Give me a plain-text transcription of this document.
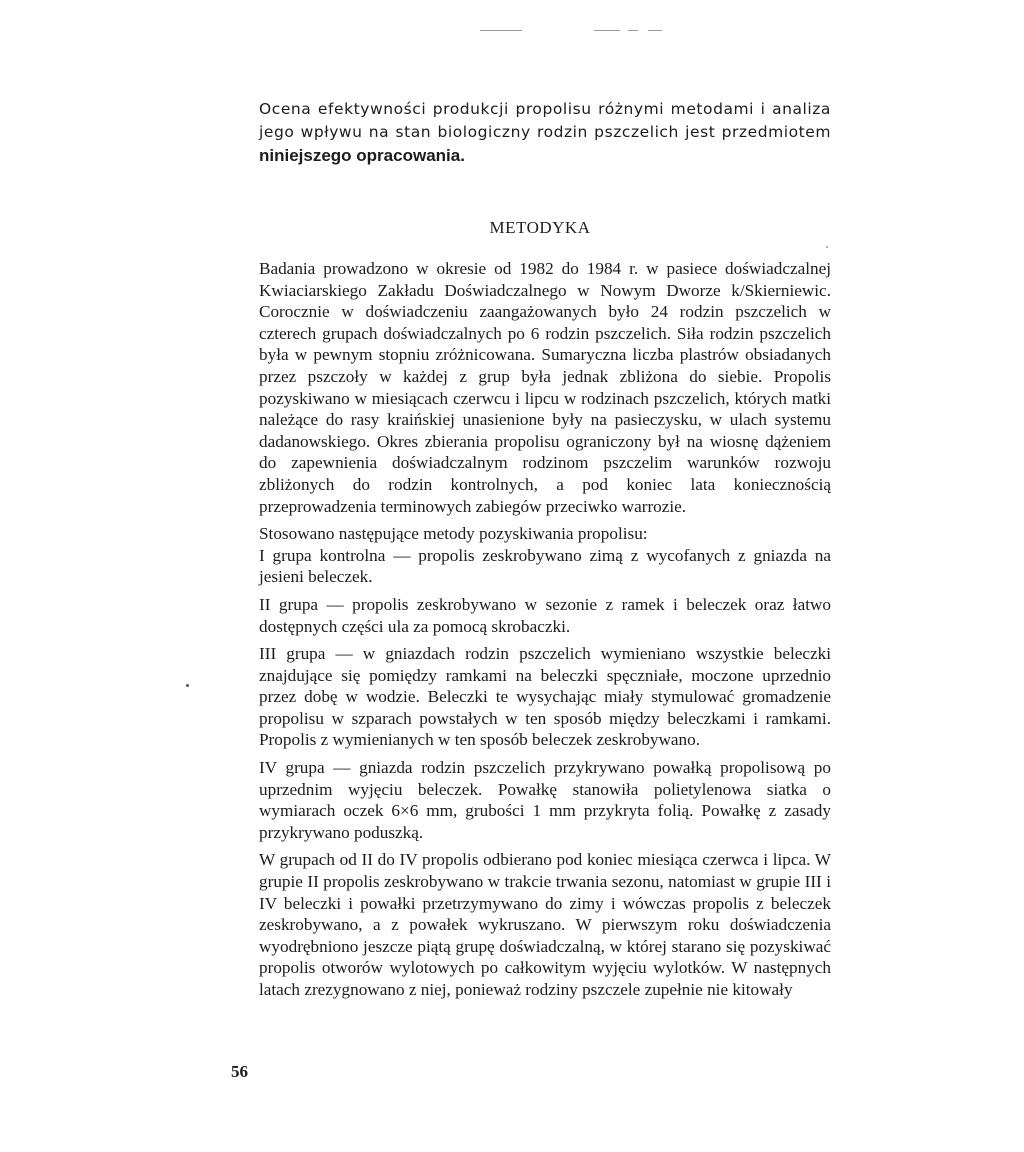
Ocena efektywności produkcji propolisu różnymi metodami i analiza jego wpływu na stan biologiczny rodzin pszczelich jest przedmiotem niniejszego opracowania.

METODYKA

Badania prowadzono w okresie od 1982 do 1984 r. w pasiece doświadczalnej Kwiaciarskiego Zakładu Doświadczalnego w Nowym Dworze k/Skierniewic. Corocznie w doświadczeniu zaangażowanych było 24 rodzin pszczelich w czterech grupach doświadczalnych po 6 rodzin pszczelich. Siła rodzin pszczelich była w pewnym stopniu zróżnicowana. Sumaryczna liczba plastrów obsiadanych przez pszczoły w każdej z grup była jednak zbliżona do siebie. Propolis pozyskiwano w miesiącach czerwcu i lipcu w rodzinach pszczelich, których matki należące do rasy kraińskiej unasienione były na pasieczysku, w ulach systemu dadanowskiego. Okres zbierania propolisu ograniczony był na wiosnę dążeniem do zapewnienia doświadczalnym rodzinom pszczelim warunków rozwoju zbliżonych do rodzin kontrolnych, a pod koniec lata koniecznością przeprowadzenia terminowych zabiegów przeciwko warrozie.

Stosowano następujące metody pozyskiwania propolisu:

I grupa kontrolna — propolis zeskrobywano zimą z wycofanych z gniazda na jesieni beleczek.

II grupa — propolis zeskrobywano w sezonie z ramek i beleczek oraz łatwo dostępnych części ula za pomocą skrobaczki.

III grupa — w gniazdach rodzin pszczelich wymieniano wszystkie beleczki znajdujące się pomiędzy ramkami na beleczki spęczniałe, moczone uprzednio przez dobę w wodzie. Beleczki te wysychając miały stymulować gromadzenie propolisu w szparach powstałych w ten sposób między beleczkami i ramkami. Propolis z wymienianych w ten sposób beleczek zeskrobywano.

IV grupa — gniazda rodzin pszczelich przykrywano powałką propolisową po uprzednim wyjęciu beleczek. Powałkę stanowiła polietylenowa siatka o wymiarach oczek 6×6 mm, grubości 1 mm przykryta folią. Powałkę z zasady przykrywano poduszką.

W grupach od II do IV propolis odbierano pod koniec miesiąca czerwca i lipca. W grupie II propolis zeskrobywano w trakcie trwania sezonu, natomiast w grupie III i IV beleczki i powałki przetrzymywano do zimy i wówczas propolis z beleczek zeskrobywano, a z powałek wykruszano. W pierwszym roku doświadczenia wyodrębniono jeszcze piątą grupę doświadczalną, w której starano się pozyskiwać propolis otworów wylotowych po całkowitym wyjęciu wylotków. W następnych latach zrezygnowano z niej, ponieważ rodziny pszczele zupełnie nie kitowały

56
